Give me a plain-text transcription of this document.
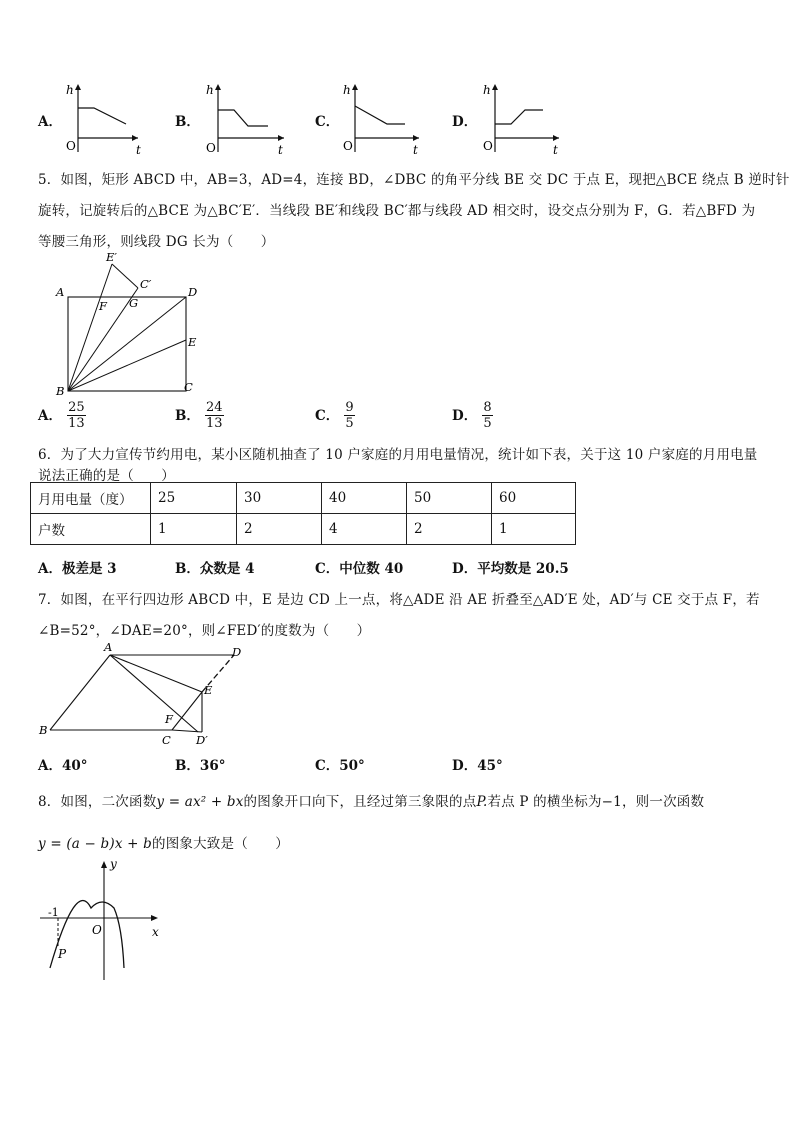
A．
h
t
O
B．
h
t
O
C．
h
t
O
D．
h
t
O
5．如图，矩形 ABCD 中，AB=3，AD=4，连接 BD，∠DBC 的角平分线 BE 交 DC 于点 E，现把△BCE 绕点 B 逆时针
旋转，记旋转后的△BCE 为△BC′E′．当线段 BE′和线段 BC′都与线段 AD 相交时，设交点分别为 F，G．若△BFD 为
等腰三角形，则线段 DG 长为（　　）
E′
C′
A	D
F G
E
B	C
A． $\frac{25}{13}$	B． $\frac{24}{13}$	C． $\frac{9}{5}$	D． $\frac{8}{5}$
6．为了大力宣传节约用电，某小区随机抽查了 10 户家庭的月用电量情况，统计如下表，关于这 10 户家庭的月用电量
说法正确的是（　　）
月用电量（度）	25	30	40	50	60
户数	1	2	4	2	1
A．极差是 3	B．众数是 4	C．中位数 40	D．平均数是 20.5
7．如图，在平行四边形 ABCD 中，E 是边 CD 上一点，将△ADE 沿 AE 折叠至△AD′E 处，AD′与 CE 交于点 F，若
∠B=52°，∠DAE=20°，则∠FED′的度数为（　　）
A	D
E
F
B
C D′
A．40°	B．36°	C．50°	D．45°
8．如图，二次函数y = ax² + bx的图象开口向下，且经过第三象限的点P.若点 P 的横坐标为−1，则一次函数
y = (a − b)x + b的图象大致是（　　）
y
x
O
P
-1
